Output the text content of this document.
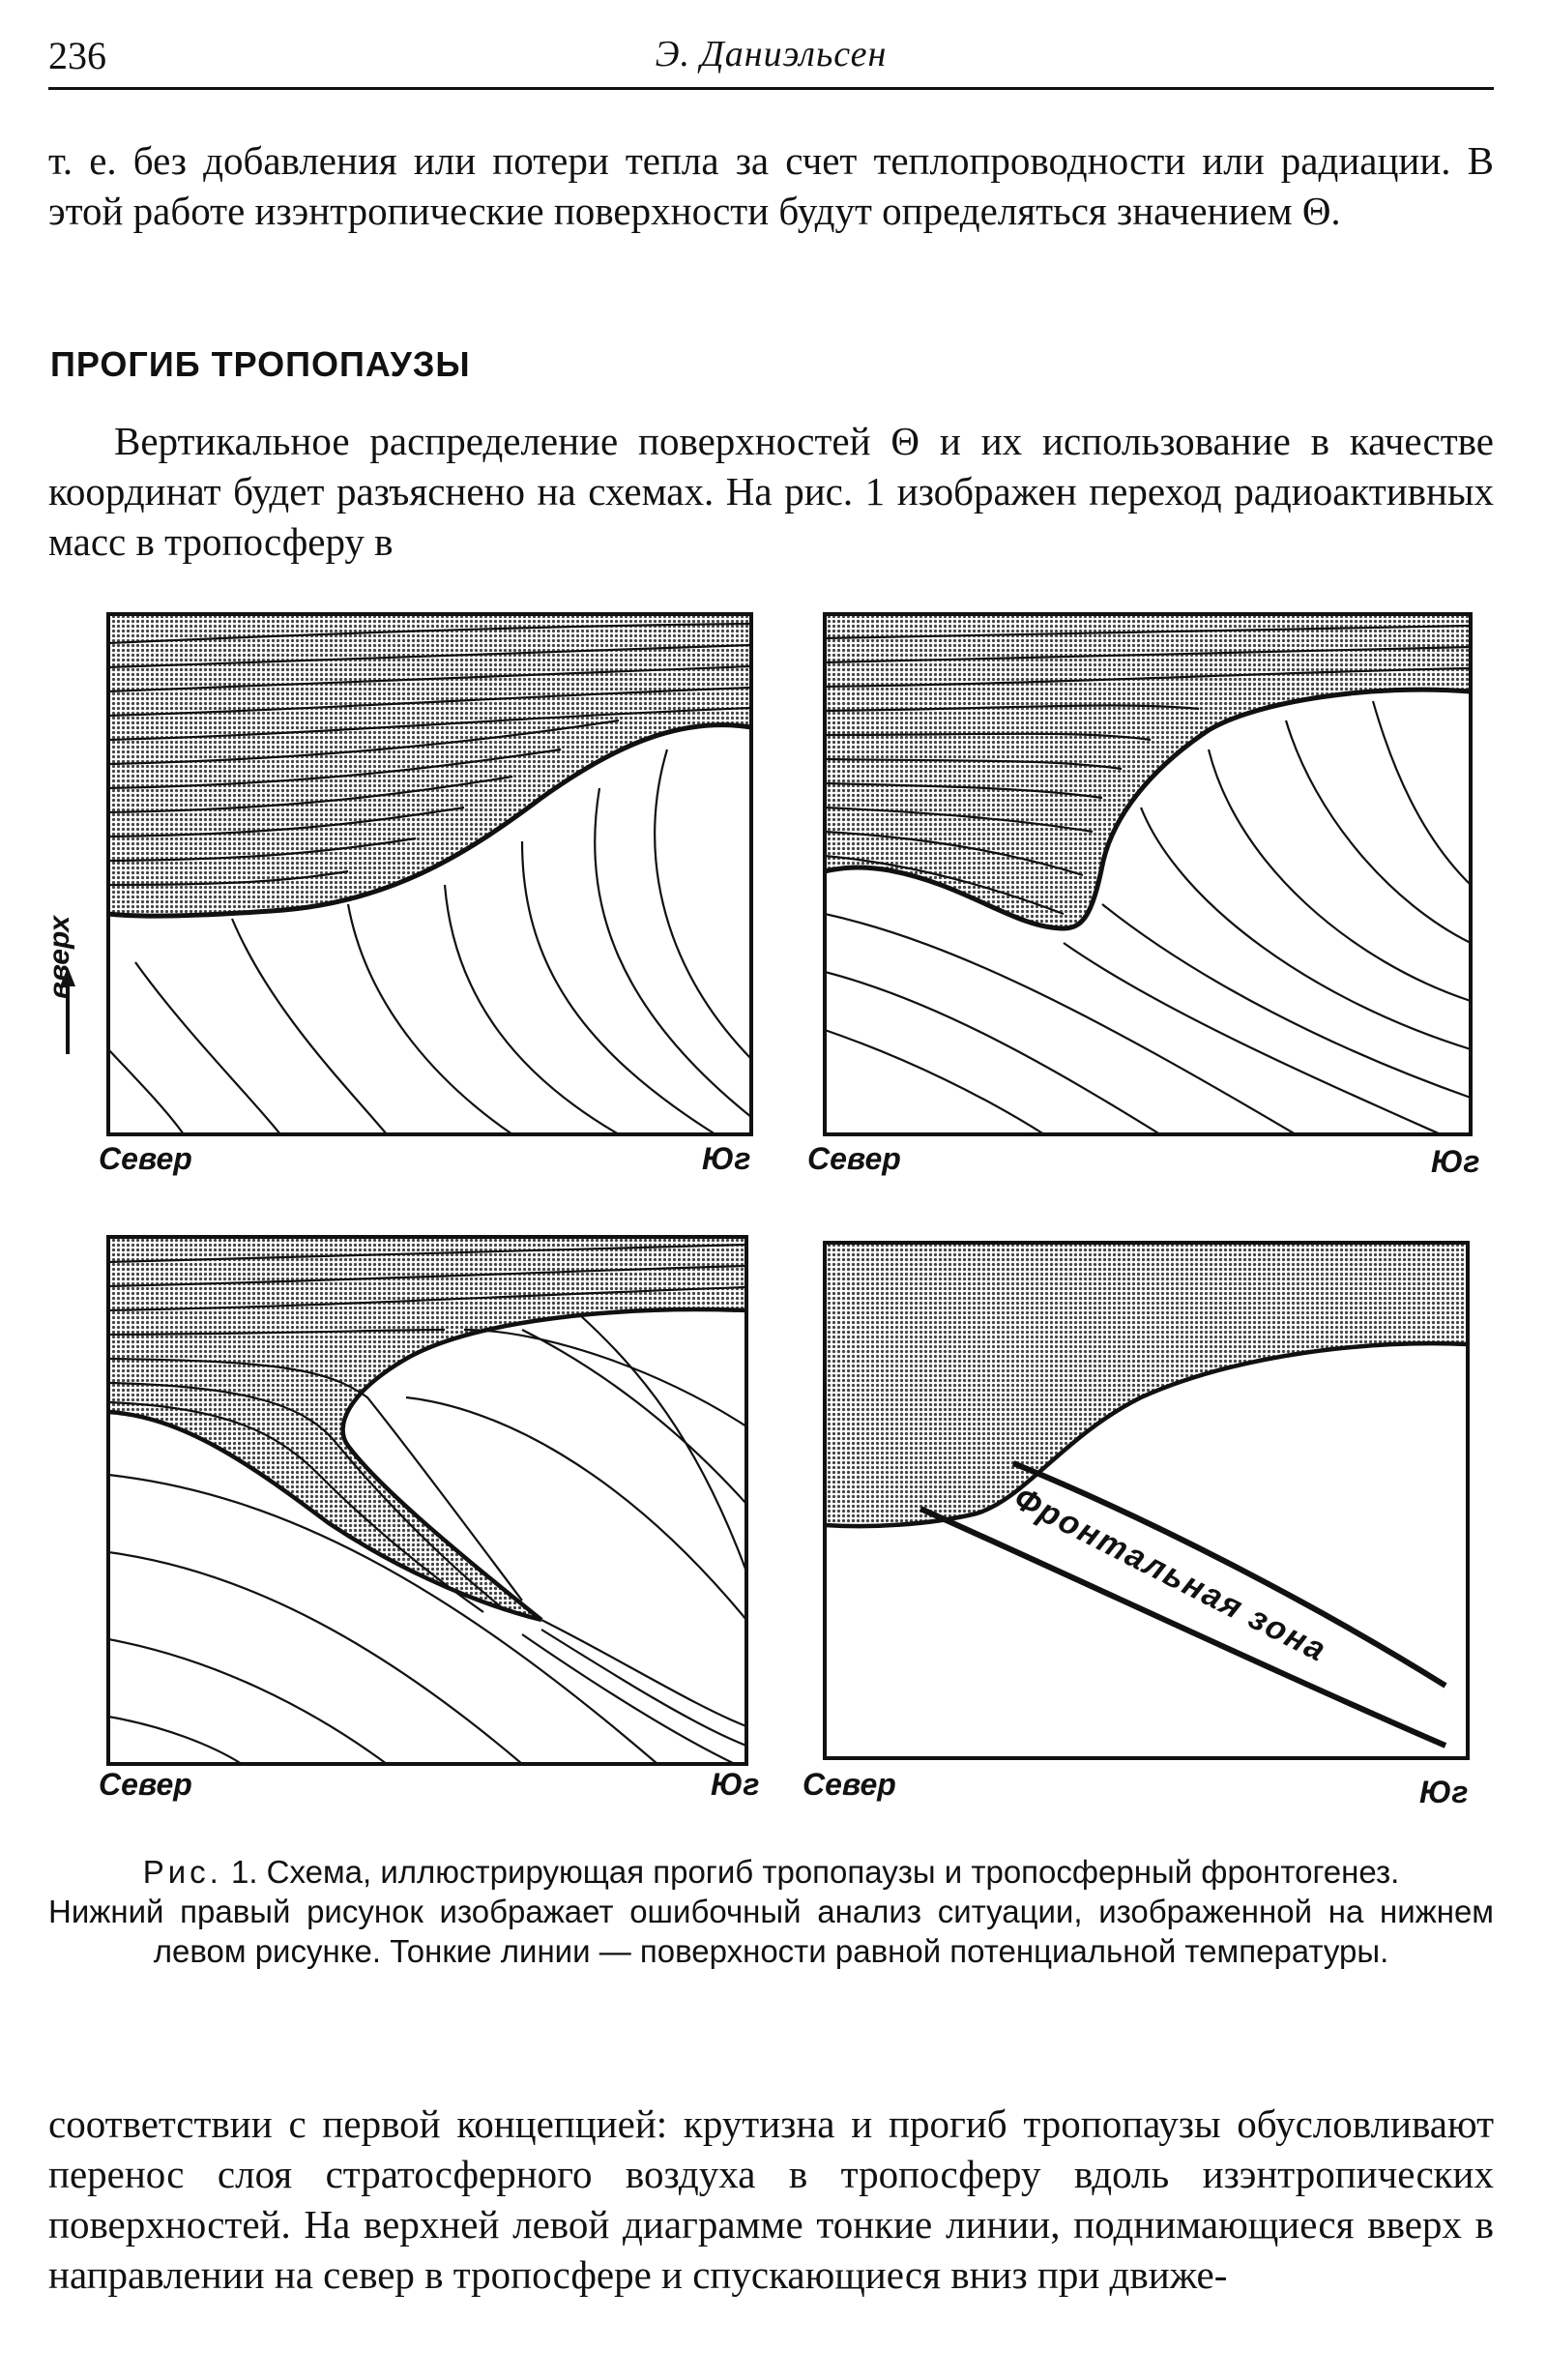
236	Э. Даниэльсен

т. е. без добавления или потери тепла за счет теплопроводности или радиации. В этой работе изэнтропические поверхности будут определяться значением Θ.

ПРОГИБ ТРОПОПАУЗЫ

Вертикальное распределение поверхностей Θ и их использование в качестве координат будет разъяснено на схемах. На рис. 1 изображен переход радиоактивных масс в тропосферу в

вверх
Север	Юг Север	Юг
Север	Юг Север	Юг
Фронтальная зона
Рис. 1. Схема, иллюстрирующая прогиб тропопаузы и тропосферный фронтогенез.
Нижний правый рисунок изображает ошибочный анализ ситуации, изображенной на нижнем левом рисунке. Тонкие линии — поверхности равной потенциальной температуры.

соответствии с первой концепцией: крутизна и прогиб тропопаузы обусловливают перенос слоя стратосферного воздуха в тропосферу вдоль изэнтропических поверхностей. На верхней левой диаграмме тонкие линии, поднимающиеся вверх в направлении на север в тропосфере и спускающиеся вниз при движе-
